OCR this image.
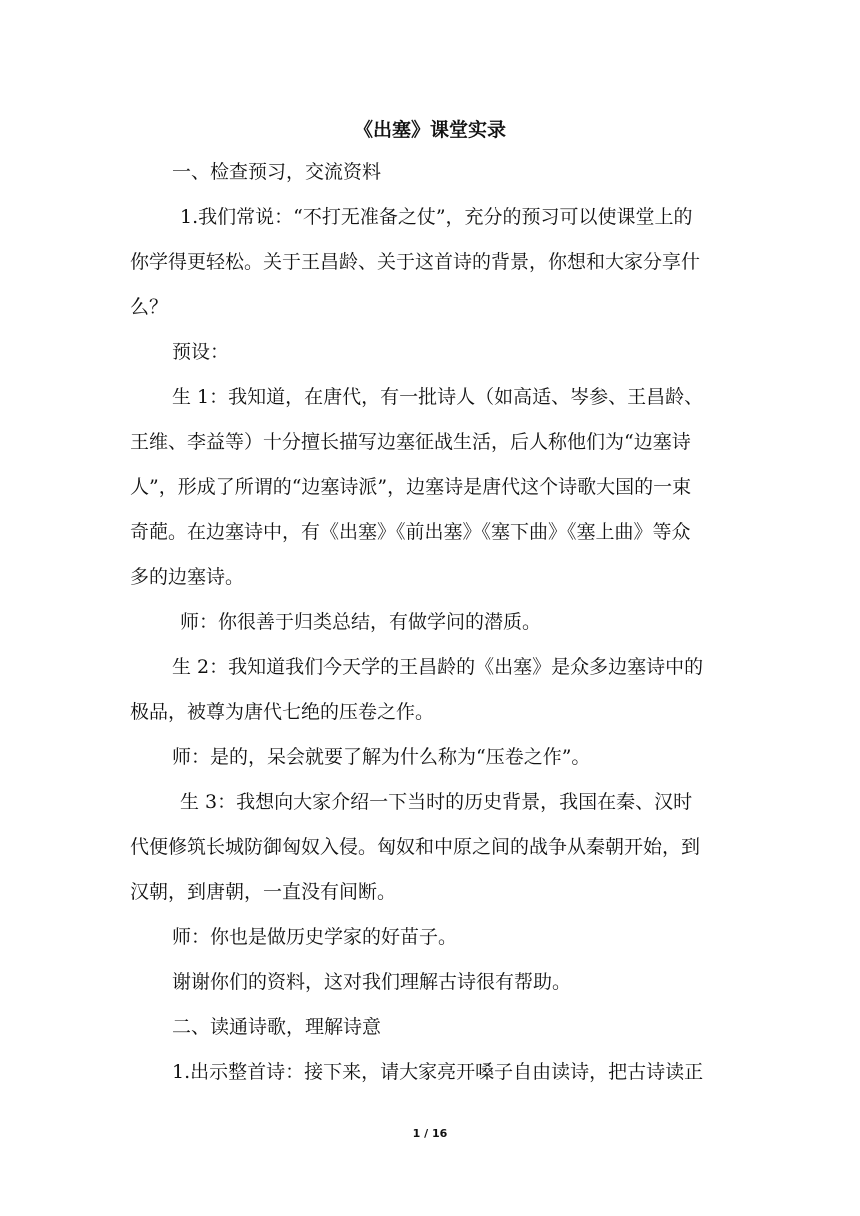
《出塞》课堂实录
一、检查预习，交流资料
1.我们常说：“不打无准备之仗”，充分的预习可以使课堂上的
你学得更轻松。关于王昌龄、关于这首诗的背景，你想和大家分享什
么？
预设：
生 1：我知道，在唐代，有一批诗人（如高适、岑参、王昌龄、
王维、李益等）十分擅长描写边塞征战生活，后人称他们为“边塞诗
人”，形成了所谓的“边塞诗派”，边塞诗是唐代这个诗歌大国的一束
奇葩。在边塞诗中，有《出塞》《前出塞》《塞下曲》《塞上曲》等众
多的边塞诗。
师：你很善于归类总结，有做学问的潜质。
生 2：我知道我们今天学的王昌龄的《出塞》是众多边塞诗中的
极品，被尊为唐代七绝的压卷之作。
师：是的，呆会就要了解为什么称为“压卷之作”。
生 3：我想向大家介绍一下当时的历史背景，我国在秦、汉时
代便修筑长城防御匈奴入侵。匈奴和中原之间的战争从秦朝开始，到
汉朝，到唐朝，一直没有间断。
师：你也是做历史学家的好苗子。
谢谢你们的资料，这对我们理解古诗很有帮助。
二、读通诗歌，理解诗意
1.出示整首诗：接下来，请大家亮开嗓子自由读诗，把古诗读正
1 / 16
